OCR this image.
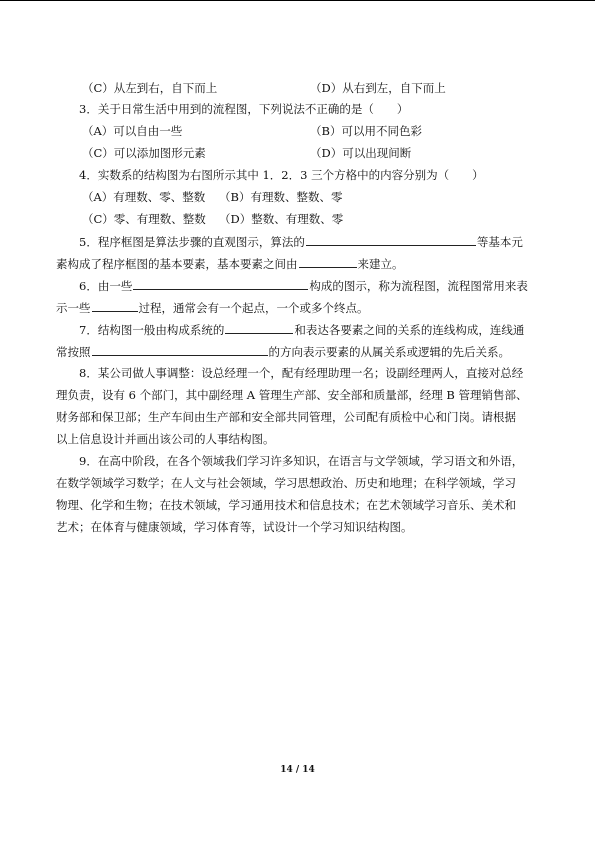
（C）从左到右，自下而上	（D）从右到左，自下而上
3．关于日常生活中用到的流程图，下列说法不正确的是（　　）
（A）可以自由一些	（B）可以用不同色彩
（C）可以添加图形元素	（D）可以出现间断
4．实数系的结构图为右图所示其中 1．2．3 三个方格中的内容分别为（　　）
（A）有理数、零、整数 （B）有理数、整数、零
（C）零、有理数、整数 （D）整数、有理数、零
5．程序框图是算法步骤的直观图示，算法的	等基本元
素构成了程序框图的基本要素，基本要素之间由	来建立。
6．由一些	构成的图示，称为流程图，流程图常用来表
示一些	过程，通常会有一个起点，一个或多个终点。
7．结构图一般由构成系统的	和表达各要素之间的关系的连线构成，连线通
常按照	的方向表示要素的从属关系或逻辑的先后关系。
8．某公司做人事调整：设总经理一个，配有经理助理一名；设副经理两人，直接对总经
理负责，设有 6 个部门，其中副经理 A 管理生产部、安全部和质量部，经理 B 管理销售部、
财务部和保卫部；生产车间由生产部和安全部共同管理，公司配有质检中心和门岗。请根据
以上信息设计并画出该公司的人事结构图。
9．在高中阶段，在各个领域我们学习许多知识，在语言与文学领域，学习语文和外语，
在数学领域学习数学；在人文与社会领域，学习思想政治、历史和地理；在科学领域，学习
物理、化学和生物；在技术领域，学习通用技术和信息技术；在艺术领域学习音乐、美术和
艺术；在体育与健康领域，学习体育等，试设计一个学习知识结构图。
14 / 14
